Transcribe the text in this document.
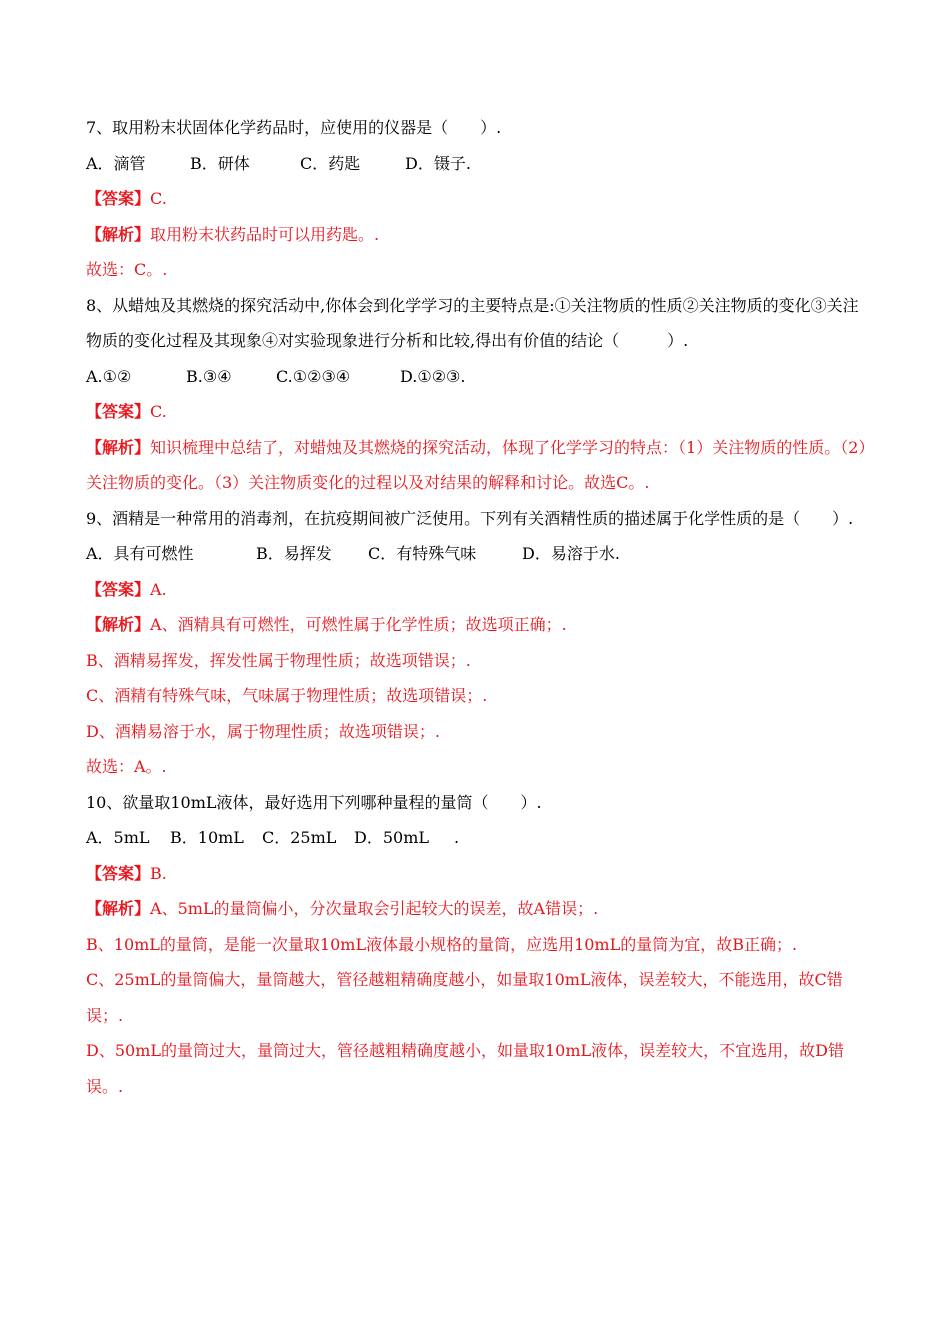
7、取用粉末状固体化学药品时，应使用的仪器是（　　）.
A．滴管	B．研体	C．药匙	D．镊子.
【答案】C.
【解析】取用粉末状药品时可以用药匙。.
故选：C。.
8、从蜡烛及其燃烧的探究活动中,你体会到化学学习的主要特点是:①关注物质的性质②关注物质的变化③关注物质的变化过程及其现象④对实验现象进行分析和比较,得出有价值的结论（　　　）.
A.①②	B.③④	C.①②③④	D.①②③.
【答案】C.
【解析】知识梳理中总结了，对蜡烛及其燃烧的探究活动，体现了化学学习的特点：（1）关注物质的性质。（2）关注物质的变化。（3）关注物质变化的过程以及对结果的解释和讨论。故选C。.
9、酒精是一种常用的消毒剂，在抗疫期间被广泛使用。下列有关酒精性质的描述属于化学性质的是（　　）.
A．具有可燃性	B．易挥发 C．有特殊气味	D．易溶于水.
【答案】A.
【解析】A、酒精具有可燃性，可燃性属于化学性质；故选项正确；.
B、酒精易挥发，挥发性属于物理性质；故选项错误；.
C、酒精有特殊气味，气味属于物理性质；故选项错误；.
D、酒精易溶于水，属于物理性质；故选项错误；.
故选：A。.
10、欲量取10mL液体，最好选用下列哪种量程的量筒（　　）.
A．5mL B．10mL C．25mL D．50mL .
【答案】B.
【解析】A、5mL的量筒偏小，分次量取会引起较大的误差，故A错误；.
B、10mL的量筒，是能一次量取10mL液体最小规格的量筒，应选用10mL的量筒为宜，故B正确；.
C、25mL的量筒偏大，量筒越大，管径越粗精确度越小，如量取10mL液体，误差较大，不能选用，故C错误；.
D、50mL的量筒过大，量筒过大，管径越粗精确度越小，如量取10mL液体，误差较大，不宜选用，故D错误。.
